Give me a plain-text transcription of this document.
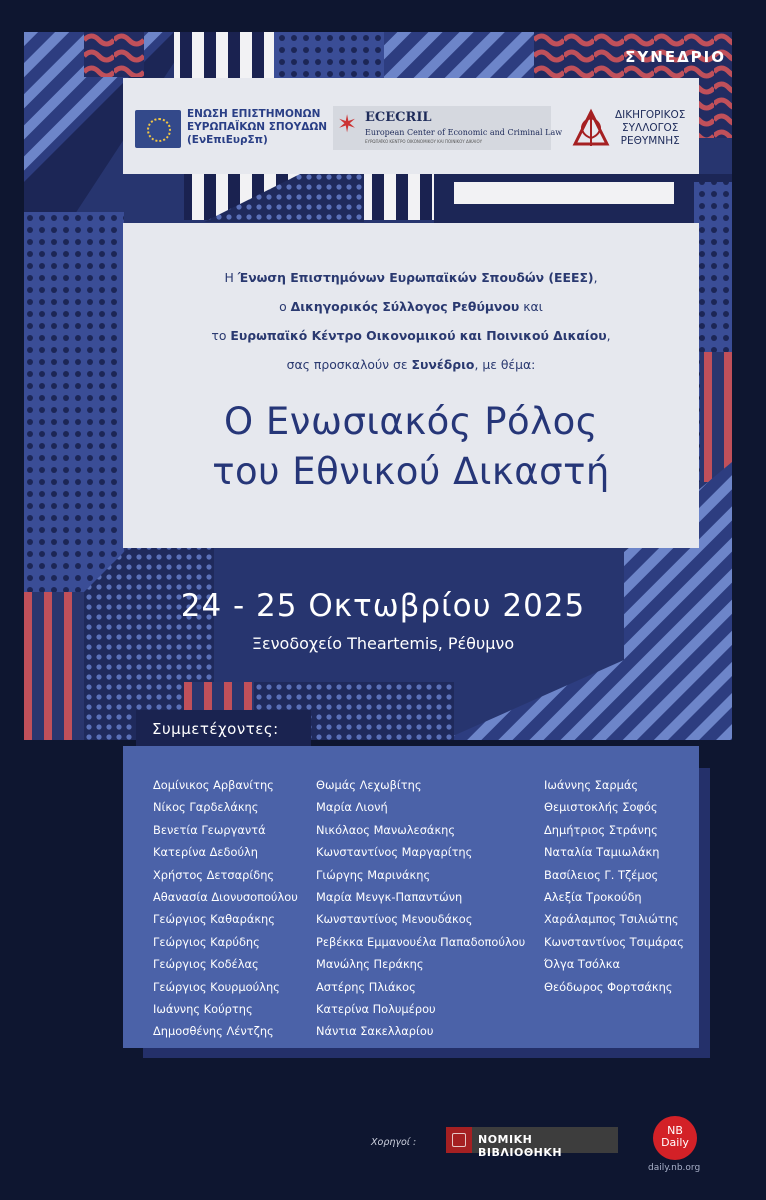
ΣΥΝΕΔΡΙΟ
ΕΝΩΣΗ ΕΠΙΣΤΗΜΟΝΩΝ
ΕΥΡΩΠΑΪΚΩΝ ΣΠΟΥΔΩΝ
(ΕνΕπιΕυρΣπ)
✶ ECECRIL
European Center of Economic and Criminal Law
ΕΥΡΩΠΑΪΚΟ ΚΕΝΤΡΟ ΟΙΚΟΝΟΜΙΚΟΥ ΚΑΙ ΠΟΙΝΙΚΟΥ ΔΙΚΑΙΟΥ
ΔΙΚΗΓΟΡΙΚΟΣ
ΣΥΛΛΟΓΟΣ
ΡΕΘΥΜΝΗΣ
Η Ένωση Επιστημόνων Ευρωπαϊκών Σπουδών (ΕΕΕΣ),
ο Δικηγορικός Σύλλογος Ρεθύμνου και
το Ευρωπαϊκό Κέντρο Οικονομικού και Ποινικού Δικαίου,
σας προσκαλούν σε Συνέδριο, με θέμα:
Ο Ενωσιακός Ρόλος
του Εθνικού Δικαστή
24 - 25 Οκτωβρίου 2025
Ξενοδοχείο Theartemis, Ρέθυμνο
Δομίνικος Αρβανίτης
Νίκος Γαρδελάκης
Βενετία Γεωργαντά
Κατερίνα Δεδούλη
Χρήστος Δετσαρίδης
Αθανασία Διονυσοπούλου
Γεώργιος Καθαράκης
Γεώργιος Καρύδης
Γεώργιος Κοδέλας
Γεώργιος Κουρμούλης
Ιωάννης Κούρτης
Δημοσθένης Λέντζης
Θωμάς Λεχωβίτης
Μαρία Λιονή
Νικόλαος Μανωλεσάκης
Κωνσταντίνος Μαργαρίτης
Γιώργης Μαρινάκης
Μαρία Μενγκ-Παπαντώνη
Κωνσταντίνος Μενουδάκος
Ρεβέκκα Εμμανουέλα Παπαδοπούλου
Μανώλης Περάκης
Αστέρης Πλιάκος
Κατερίνα Πολυμέρου
Νάντια Σακελλαρίου
Ιωάννης Σαρμάς
Θεμιστοκλής Σοφός
Δημήτριος Στράνης
Ναταλία Ταμιωλάκη
Βασίλειος Γ. Τζέμος
Αλεξία Τροκούδη
Χαράλαμπος Τσιλιώτης
Κωνσταντίνος Τσιμάρας
Όλγα Τσόλκα
Θεόδωρος Φορτσάκης
Συμμετέχοντες:
Χορηγοί :	ΝΟΜΙΚΗ ΒΙΒΛΙΟΘΗΚΗ
NB
Daily
daily.nb.org
